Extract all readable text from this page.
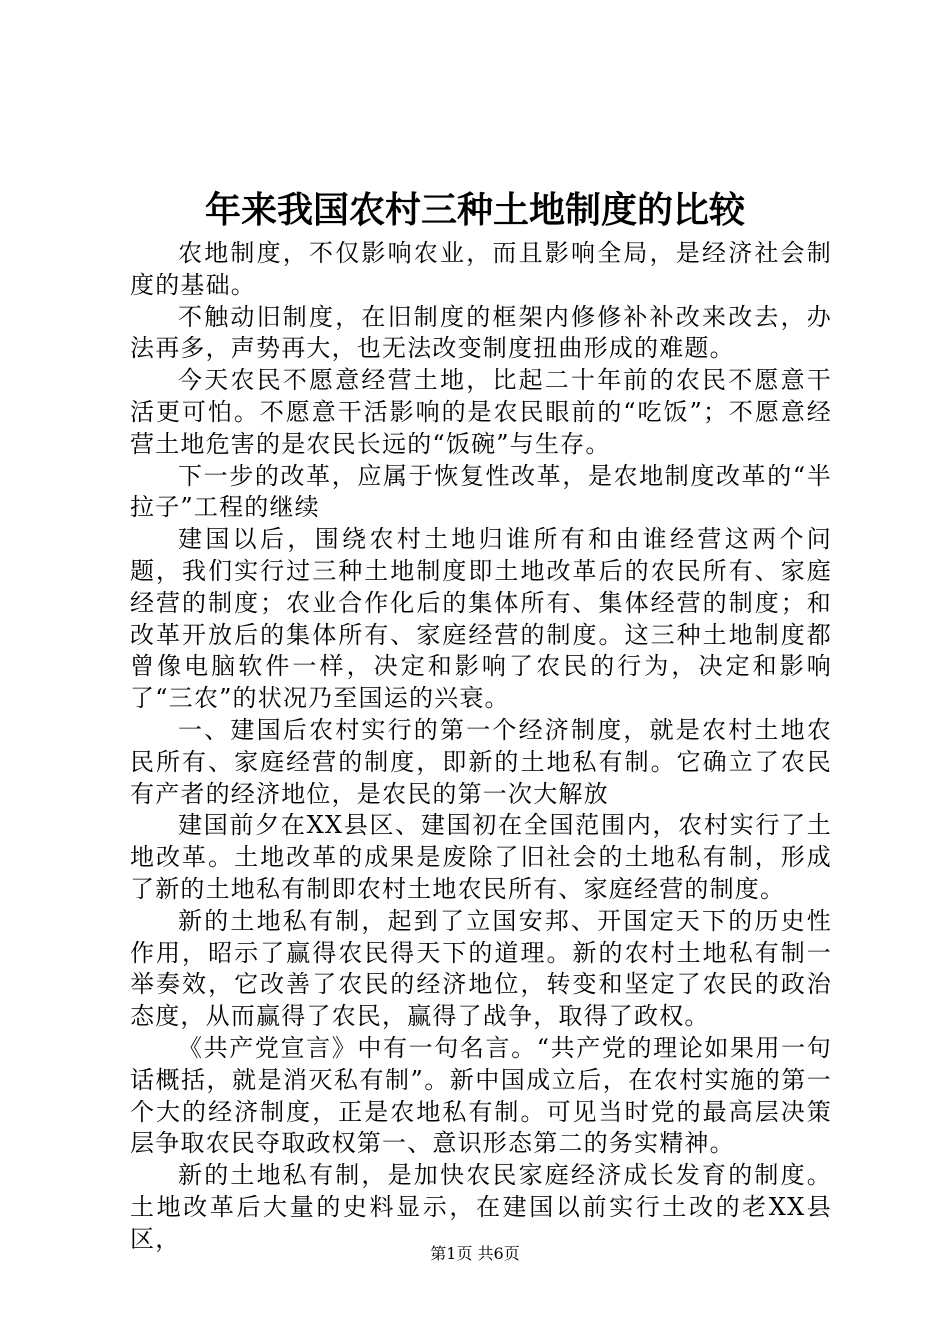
年来我国农村三种土地制度的比较

农地制度，不仅影响农业，而且影响全局，是经济社会制度的基础。

不触动旧制度，在旧制度的框架内修修补补改来改去，办法再多，声势再大，也无法改变制度扭曲形成的难题。

今天农民不愿意经营土地，比起二十年前的农民不愿意干活更可怕。不愿意干活影响的是农民眼前的“吃饭”；不愿意经营土地危害的是农民长远的“饭碗”与生存。

下一步的改革，应属于恢复性改革，是农地制度改革的“半拉子”工程的继续

建国以后，围绕农村土地归谁所有和由谁经营这两个问题，我们实行过三种土地制度即土地改革后的农民所有、家庭经营的制度；农业合作化后的集体所有、集体经营的制度；和改革开放后的集体所有、家庭经营的制度。这三种土地制度都曾像电脑软件一样，决定和影响了农民的行为，决定和影响了“三农”的状况乃至国运的兴衰。

一、建国后农村实行的第一个经济制度，就是农村土地农民所有、家庭经营的制度，即新的土地私有制。它确立了农民有产者的经济地位，是农民的第一次大解放

建国前夕在XX县区、建国初在全国范围内，农村实行了土地改革。土地改革的成果是废除了旧社会的土地私有制，形成了新的土地私有制即农村土地农民所有、家庭经营的制度。

新的土地私有制，起到了立国安邦、开国定天下的历史性作用，昭示了赢得农民得天下的道理。新的农村土地私有制一举奏效，它改善了农民的经济地位，转变和坚定了农民的政治态度，从而赢得了农民，赢得了战争，取得了政权。

《共产党宣言》中有一句名言。“共产党的理论如果用一句话概括，就是消灭私有制”。新中国成立后，在农村实施的第一个大的经济制度，正是农地私有制。可见当时党的最高层决策层争取农民夺取政权第一、意识形态第二的务实精神。

新的土地私有制，是加快农民家庭经济成长发育的制度。土地改革后大量的史料显示，在建国以前实行土改的老XX县区，

第1页 共6页
